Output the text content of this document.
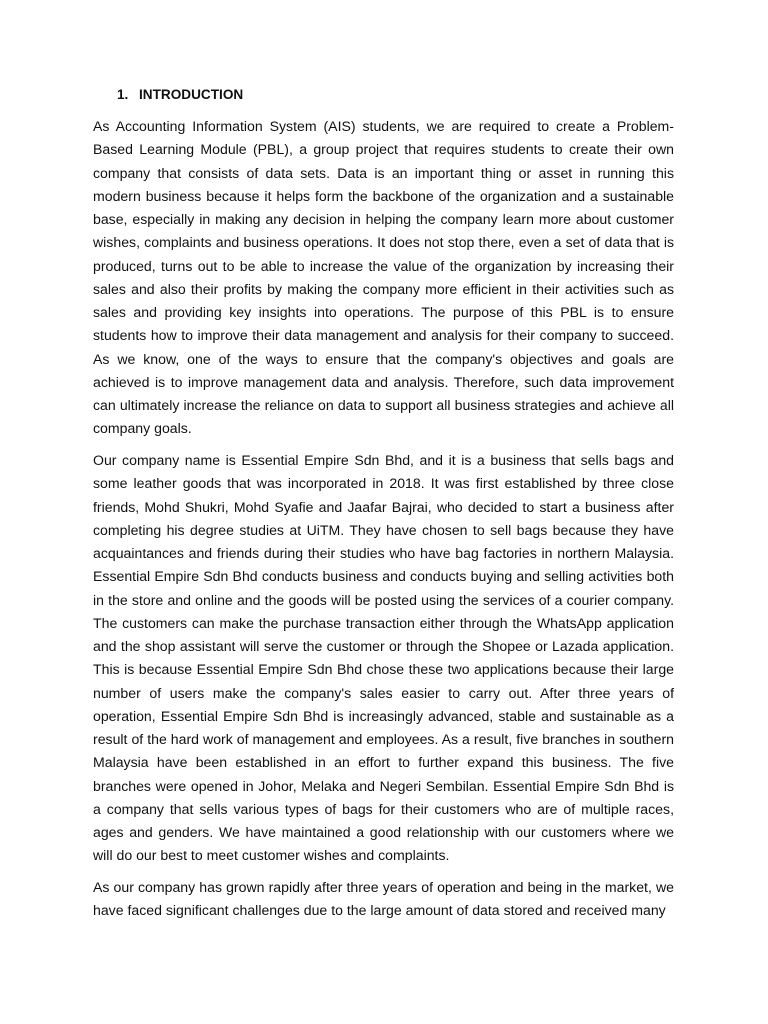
1. INTRODUCTION

As Accounting Information System (AIS) students, we are required to create a Problem-Based Learning Module (PBL), a group project that requires students to create their own company that consists of data sets. Data is an important thing or asset in running this modern business because it helps form the backbone of the organization and a sustainable base, especially in making any decision in helping the company learn more about customer wishes, complaints and business operations. It does not stop there, even a set of data that is produced, turns out to be able to increase the value of the organization by increasing their sales and also their profits by making the company more efficient in their activities such as sales and providing key insights into operations. The purpose of this PBL is to ensure students how to improve their data management and analysis for their company to succeed. As we know, one of the ways to ensure that the company's objectives and goals are achieved is to improve management data and analysis. Therefore, such data improvement can ultimately increase the reliance on data to support all business strategies and achieve all company goals.

Our company name is Essential Empire Sdn Bhd, and it is a business that sells bags and some leather goods that was incorporated in 2018. It was first established by three close friends, Mohd Shukri, Mohd Syafie and Jaafar Bajrai, who decided to start a business after completing his degree studies at UiTM. They have chosen to sell bags because they have acquaintances and friends during their studies who have bag factories in northern Malaysia. Essential Empire Sdn Bhd conducts business and conducts buying and selling activities both in the store and online and the goods will be posted using the services of a courier company. The customers can make the purchase transaction either through the WhatsApp application and the shop assistant will serve the customer or through the Shopee or Lazada application. This is because Essential Empire Sdn Bhd chose these two applications because their large number of users make the company's sales easier to carry out. After three years of operation, Essential Empire Sdn Bhd is increasingly advanced, stable and sustainable as a result of the hard work of management and employees. As a result, five branches in southern Malaysia have been established in an effort to further expand this business. The five branches were opened in Johor, Melaka and Negeri Sembilan. Essential Empire Sdn Bhd is a company that sells various types of bags for their customers who are of multiple races, ages and genders. We have maintained a good relationship with our customers where we will do our best to meet customer wishes and complaints.

As our company has grown rapidly after three years of operation and being in the market, we have faced significant challenges due to the large amount of data stored and received many
